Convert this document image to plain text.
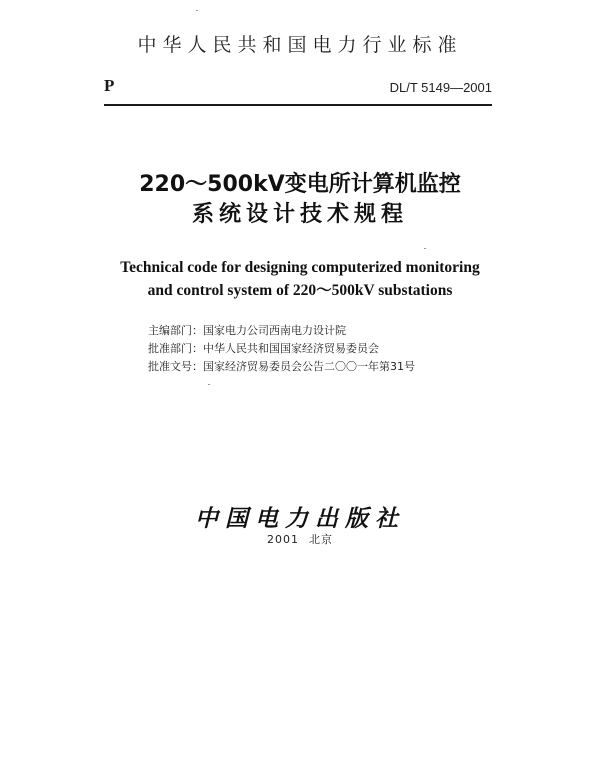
中华人民共和国电力行业标准
P	DL/T 5149—2001
220～500kV变电所计算机监控
系统设计技术规程
Technical code for designing computerized monitoring
and control system of 220～500kV substations
主编部门：国家电力公司西南电力设计院
批准部门：中华人民共和国国家经济贸易委员会
批准文号：国家经济贸易委员会公告二〇〇一年第31号
中国电力出版社
2001 北京
